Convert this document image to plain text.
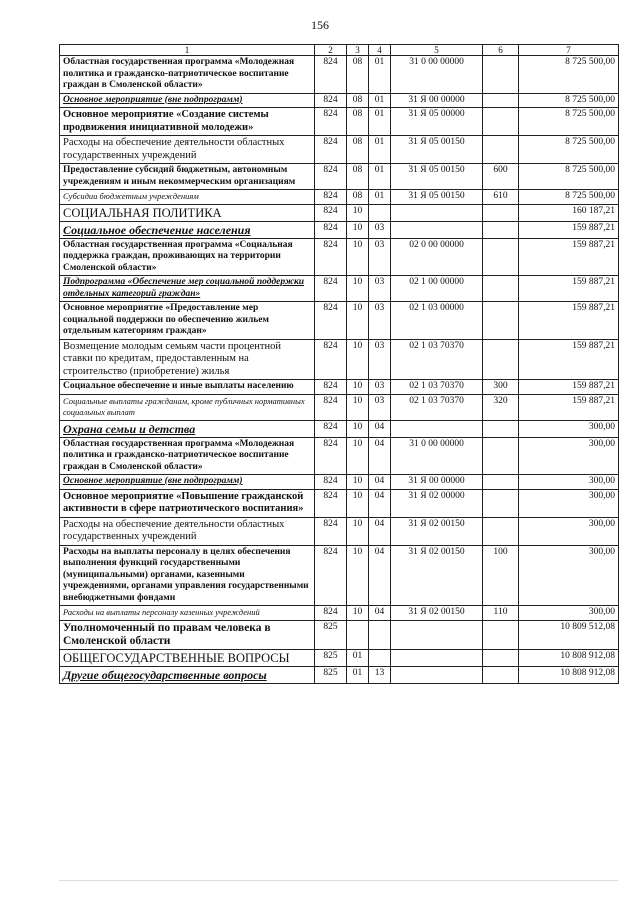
156
1	2	3	4	5	6	7
Областная государственная программа «Молодежная политика и гражданско-патриотическое воспитание граждан в Смоленской области»	824	08	01	31 0 00 00000		8 725 500,00
Основное мероприятие (вне подпрограмм)	824	08	01	31 Я 00 00000		8 725 500,00
Основное мероприятие «Создание системы продвижения инициативной молодежи»	824	08	01	31 Я 05 00000		8 725 500,00
Расходы на обеспечение деятельности областных государственных учреждений	824	08	01	31 Я 05 00150		8 725 500,00
Предоставление субсидий бюджетным, автономным учреждениям и иным некоммерческим организациям	824	08	01	31 Я 05 00150	600	8 725 500,00
Субсидии бюджетным учреждениям	824	08	01	31 Я 05 00150	610	8 725 500,00
СОЦИАЛЬНАЯ ПОЛИТИКА	824	10				160 187,21
Социальное обеспечение населения	824	10	03			159 887,21
Областная государственная программа «Социальная поддержка граждан, проживающих на территории Смоленской области»	824	10	03	02 0 00 00000		159 887,21
Подпрограмма «Обеспечение мер социальной поддержки отдельных категорий граждан»	824	10	03	02 1 00 00000		159 887,21
Основное мероприятие «Предоставление мер социальной поддержки по обеспечению жильем отдельным категориям граждан»	824	10	03	02 1 03 00000		159 887,21
Возмещение молодым семьям части процентной ставки по кредитам, предоставленным на строительство (приобретение) жилья	824	10	03	02 1 03 70370		159 887,21
Социальное обеспечение и иные выплаты населению	824	10	03	02 1 03 70370	300	159 887,21
Социальные выплаты гражданам, кроме публичных нормативных социальных выплат	824	10	03	02 1 03 70370	320	159 887,21
Охрана семьи и детства	824	10	04			300,00
Областная государственная программа «Молодежная политика и гражданско-патриотическое воспитание граждан в Смоленской области»	824	10	04	31 0 00 00000		300,00
Основное мероприятие (вне подпрограмм)	824	10	04	31 Я 00 00000		300,00
Основное мероприятие «Повышение гражданской активности в сфере патриотического воспитания»	824	10	04	31 Я 02 00000		300,00
Расходы на обеспечение деятельности областных государственных учреждений	824	10	04	31 Я 02 00150		300,00
Расходы на выплаты персоналу в целях обеспечения выполнения функций государственными (муниципальными) органами, казенными учреждениями, органами управления государственными внебюджетными фондами	824	10	04	31 Я 02 00150	100	300,00
Расходы на выплаты персоналу казенных учреждений	824	10	04	31 Я 02 00150	110	300,00
Уполномоченный по правам человека в Смоленской области	825					10 809 512,08
ОБЩЕГОСУДАРСТВЕННЫЕ ВОПРОСЫ	825	01				10 808 912,08
Другие общегосударственные вопросы	825	01	13			10 808 912,08
